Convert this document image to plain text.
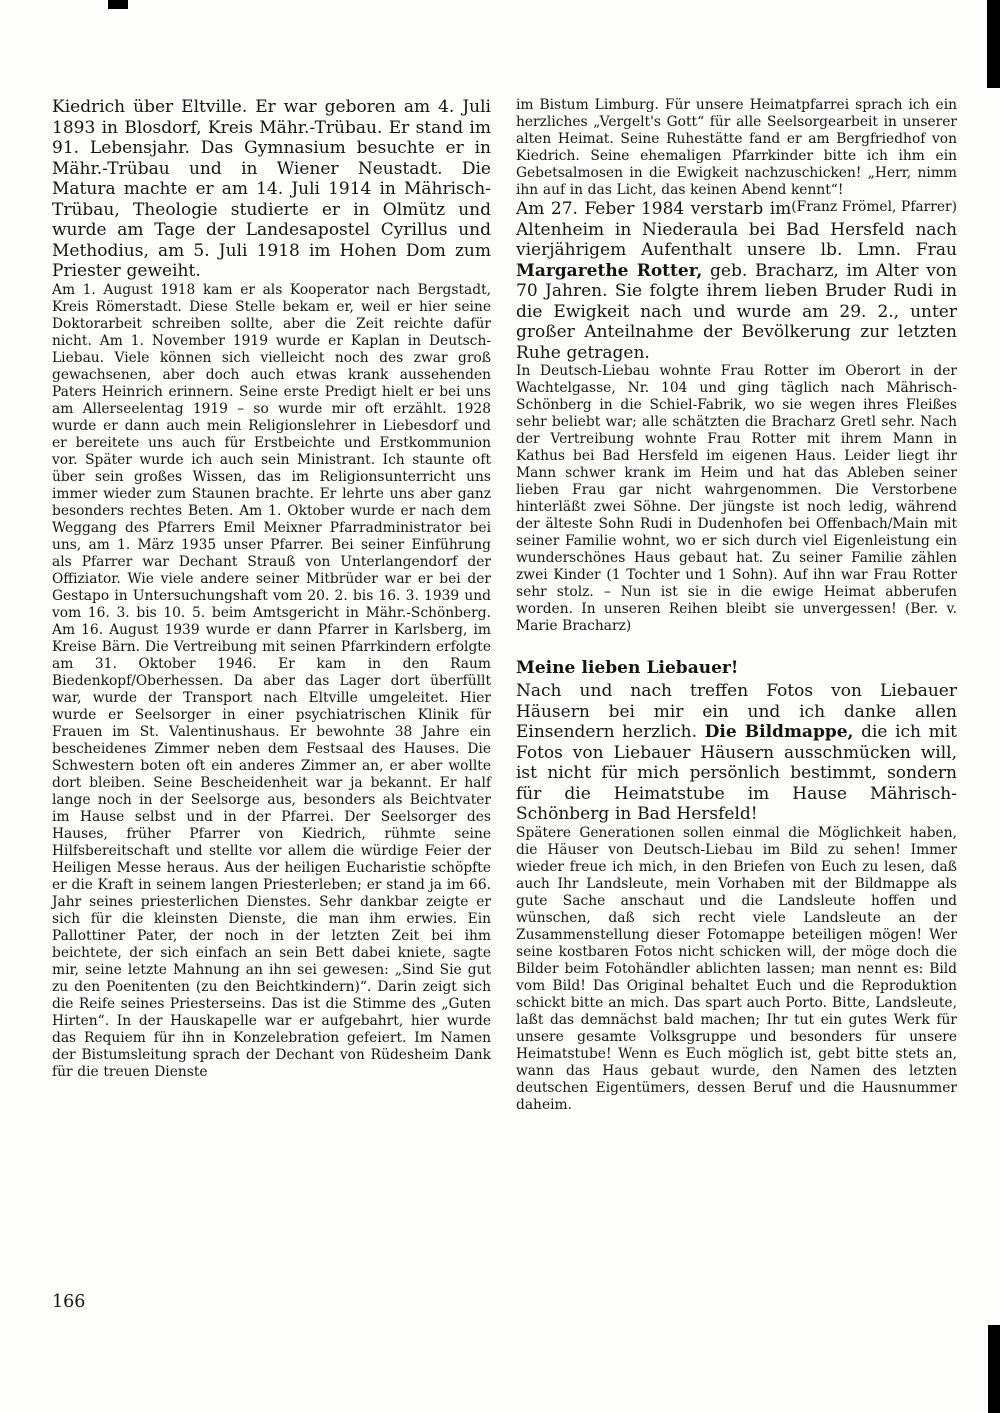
Kiedrich über Eltville. Er war geboren am 4. Juli 1893 in Blosdorf, Kreis Mähr.-Trübau. Er stand im 91. Lebensjahr. Das Gymnasium besuchte er in Mähr.-Trübau und in Wiener Neustadt. Die Matura machte er am 14. Juli 1914 in Mährisch-Trübau, Theologie studierte er in Olmütz und wurde am Tage der Landesapostel Cyrillus und Methodius, am 5. Juli 1918 im Hohen Dom zum Priester geweiht.

Am 1. August 1918 kam er als Kooperator nach Bergstadt, Kreis Römerstadt. Diese Stelle bekam er, weil er hier seine Doktorarbeit schreiben sollte, aber die Zeit reichte dafür nicht. Am 1. November 1919 wurde er Kaplan in Deutsch-Liebau. Viele können sich vielleicht noch des zwar groß gewachsenen, aber doch auch etwas krank aussehenden Paters Heinrich erinnern. Seine erste Predigt hielt er bei uns am Allerseelentag 1919 – so wurde mir oft erzählt. 1928 wurde er dann auch mein Religionslehrer in Liebesdorf und er bereitete uns auch für Erstbeichte und Erstkommunion vor. Später wurde ich auch sein Ministrant. Ich staunte oft über sein großes Wissen, das im Religionsunterricht uns immer wieder zum Staunen brachte. Er lehrte uns aber ganz besonders rechtes Beten. Am 1. Oktober wurde er nach dem Weggang des Pfarrers Emil Meixner Pfarradministrator bei uns, am 1. März 1935 unser Pfarrer. Bei seiner Einführung als Pfarrer war Dechant Strauß von Unterlangendorf der Offiziator. Wie viele andere seiner Mitbrüder war er bei der Gestapo in Untersuchungshaft vom 20. 2. bis 16. 3. 1939 und vom 16. 3. bis 10. 5. beim Amtsgericht in Mähr.-Schönberg. Am 16. August 1939 wurde er dann Pfarrer in Karlsberg, im Kreise Bärn. Die Vertreibung mit seinen Pfarrkindern erfolgte am 31. Oktober 1946. Er kam in den Raum Biedenkopf/Oberhessen. Da aber das Lager dort überfüllt war, wurde der Transport nach Eltville umgeleitet. Hier wurde er Seelsorger in einer psychiatrischen Klinik für Frauen im St. Valentinushaus. Er bewohnte 38 Jahre ein bescheidenes Zimmer neben dem Festsaal des Hauses. Die Schwestern boten oft ein anderes Zimmer an, er aber wollte dort bleiben. Seine Bescheidenheit war ja bekannt. Er half lange noch in der Seelsorge aus, besonders als Beichtvater im Hause selbst und in der Pfarrei. Der Seelsorger des Hauses, früher Pfarrer von Kiedrich, rühmte seine Hilfsbereitschaft und stellte vor allem die würdige Feier der Heiligen Messe heraus. Aus der heiligen Eucharistie schöpfte er die Kraft in seinem langen Priesterleben; er stand ja im 66. Jahr seines priesterlichen Dienstes. Sehr dankbar zeigte er sich für die kleinsten Dienste, die man ihm erwies. Ein Pallottiner Pater, der noch in der letzten Zeit bei ihm beichtete, der sich einfach an sein Bett dabei kniete, sagte mir, seine letzte Mahnung an ihn sei gewesen: „Sind Sie gut zu den Poenitenten (zu den Beichtkindern)“. Darin zeigt sich die Reife seines Priesterseins. Das ist die Stimme des „Guten Hirten“. In der Hauskapelle war er aufgebahrt, hier wurde das Requiem für ihn in Konzelebration gefeiert. Im Namen der Bistumsleitung sprach der Dechant von Rüdesheim Dank für die treuen Dienste

im Bistum Limburg. Für unsere Heimatpfarrei sprach ich ein herzliches „Vergelt's Gott“ für alle Seelsorgearbeit in unserer alten Heimat. Seine Ruhestätte fand er am Bergfriedhof von Kiedrich. Seine ehemaligen Pfarrkinder bitte ich ihm ein Gebetsalmosen in die Ewigkeit nachzuschicken! „Herr, nimm ihn auf in das Licht, das keinen Abend kennt“!
(Franz Frömel, Pfarrer)

Am 27. Feber 1984 verstarb im Altenheim in Niederaula bei Bad Hersfeld nach vierjährigem Aufenthalt unsere lb. Lmn. Frau Margarethe Rotter, geb. Bracharz, im Alter von 70 Jahren. Sie folgte ihrem lieben Bruder Rudi in die Ewigkeit nach und wurde am 29. 2., unter großer Anteilnahme der Bevölkerung zur letzten Ruhe getragen.

In Deutsch-Liebau wohnte Frau Rotter im Oberort in der Wachtelgasse, Nr. 104 und ging täglich nach Mährisch-Schönberg in die Schiel-Fabrik, wo sie wegen ihres Fleißes sehr beliebt war; alle schätzten die Bracharz Gretl sehr. Nach der Vertreibung wohnte Frau Rotter mit ihrem Mann in Kathus bei Bad Hersfeld im eigenen Haus. Leider liegt ihr Mann schwer krank im Heim und hat das Ableben seiner lieben Frau gar nicht wahrgenommen. Die Verstorbene hinterläßt zwei Söhne. Der jüngste ist noch ledig, während der älteste Sohn Rudi in Dudenhofen bei Offenbach/Main mit seiner Familie wohnt, wo er sich durch viel Eigenleistung ein wunderschönes Haus gebaut hat. Zu seiner Familie zählen zwei Kinder (1 Tochter und 1 Sohn). Auf ihn war Frau Rotter sehr stolz. – Nun ist sie in die ewige Heimat abberufen worden. In unseren Reihen bleibt sie unvergessen! (Ber. v. Marie Bracharz)

Meine lieben Liebauer!

Nach und nach treffen Fotos von Liebauer Häusern bei mir ein und ich danke allen Einsendern herzlich. Die Bildmappe, die ich mit Fotos von Liebauer Häusern ausschmücken will, ist nicht für mich persönlich bestimmt, sondern für die Heimatstube im Hause Mährisch-Schönberg in Bad Hersfeld!

Spätere Generationen sollen einmal die Möglichkeit haben, die Häuser von Deutsch-Liebau im Bild zu sehen! Immer wieder freue ich mich, in den Briefen von Euch zu lesen, daß auch Ihr Landsleute, mein Vorhaben mit der Bildmappe als gute Sache anschaut und die Landsleute hoffen und wünschen, daß sich recht viele Landsleute an der Zusammenstellung dieser Fotomappe beteiligen mögen! Wer seine kostbaren Fotos nicht schicken will, der möge doch die Bilder beim Fotohändler ablichten lassen; man nennt es: Bild vom Bild! Das Original behaltet Euch und die Reproduktion schickt bitte an mich. Das spart auch Porto. Bitte, Landsleute, laßt das demnächst bald machen; Ihr tut ein gutes Werk für unsere gesamte Volksgruppe und besonders für unsere Heimatstube! Wenn es Euch möglich ist, gebt bitte stets an, wann das Haus gebaut wurde, den Namen des letzten deutschen Eigentümers, dessen Beruf und die Hausnummer daheim.

166
